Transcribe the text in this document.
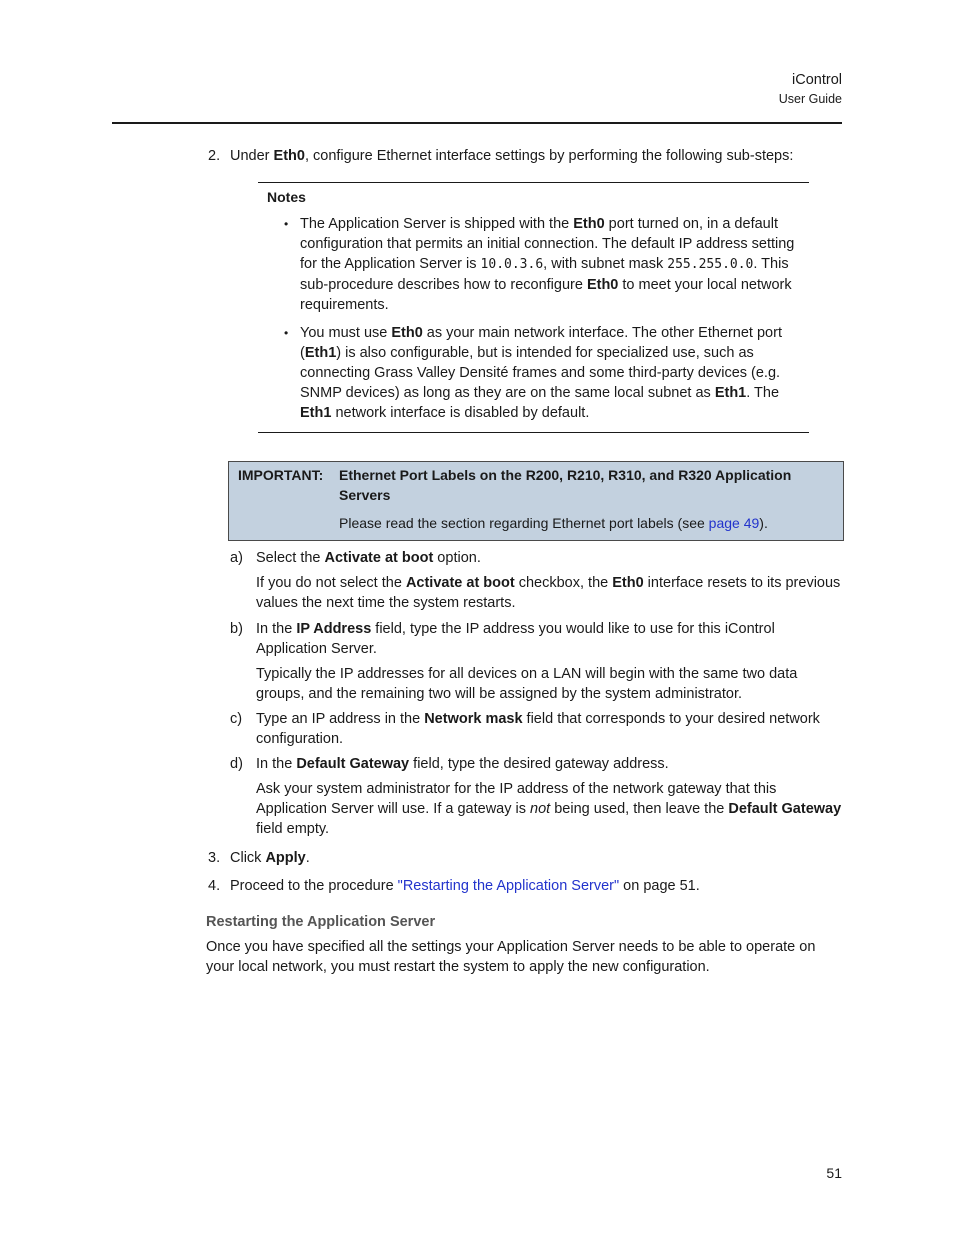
iControl
User Guide
2. Under Eth0, configure Ethernet interface settings by performing the following sub-steps:
Notes
• The Application Server is shipped with the Eth0 port turned on, in a default configuration that permits an initial connection. The default IP address setting for the Application Server is 10.0.3.6, with subnet mask 255.255.0.0. This sub-procedure describes how to reconfigure Eth0 to meet your local network requirements.
• You must use Eth0 as your main network interface. The other Ethernet port (Eth1) is also configurable, but is intended for specialized use, such as connecting Grass Valley Densité frames and some third-party devices (e.g. SNMP devices) as long as they are on the same local subnet as Eth1. The Eth1 network interface is disabled by default.
IMPORTANT: Ethernet Port Labels on the R200, R210, R310, and R320 Application Servers
Please read the section regarding Ethernet port labels (see page 49).
a) Select the Activate at boot option.
If you do not select the Activate at boot checkbox, the Eth0 interface resets to its previous values the next time the system restarts.
b) In the IP Address field, type the IP address you would like to use for this iControl Application Server.
Typically the IP addresses for all devices on a LAN will begin with the same two data groups, and the remaining two will be assigned by the system administrator.
c) Type an IP address in the Network mask field that corresponds to your desired network configuration.
d) In the Default Gateway field, type the desired gateway address.
Ask your system administrator for the IP address of the network gateway that this Application Server will use. If a gateway is not being used, then leave the Default Gateway field empty.
3. Click Apply.
4. Proceed to the procedure "Restarting the Application Server" on page 51.
Restarting the Application Server
Once you have specified all the settings your Application Server needs to be able to operate on your local network, you must restart the system to apply the new configuration.
51
